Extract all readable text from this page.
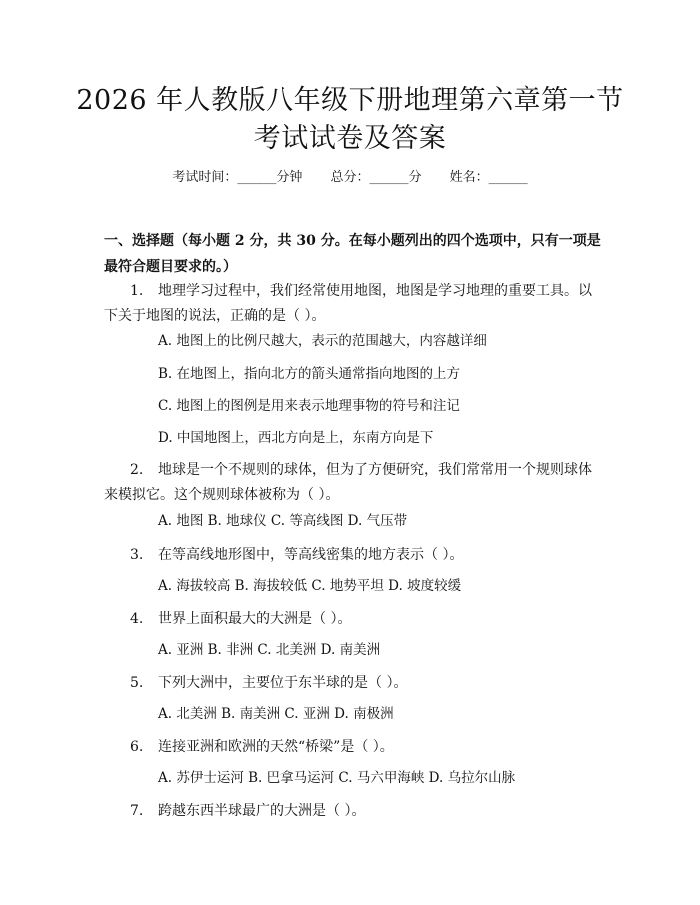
2026 年人教版八年级下册地理第六章第一节
考试试卷及答案
考试时间：______分钟 总分：______分 姓名：______
一、选择题（每小题 2 分，共 30 分。在每小题列出的四个选项中，只有一项是最符合题目要求的。）
1. 地理学习过程中，我们经常使用地图，地图是学习地理的重要工具。以下关于地图的说法，正确的是（ ）。
A. 地图上的比例尺越大，表示的范围越大，内容越详细
B. 在地图上，指向北方的箭头通常指向地图的上方
C. 地图上的图例是用来表示地理事物的符号和注记
D. 中国地图上，西北方向是上，东南方向是下
2. 地球是一个不规则的球体，但为了方便研究，我们常常用一个规则球体来模拟它。这个规则球体被称为（ ）。
A. 地图 B. 地球仪 C. 等高线图 D. 气压带
3. 在等高线地形图中，等高线密集的地方表示（ ）。
A. 海拔较高 B. 海拔较低 C. 地势平坦 D. 坡度较缓
4. 世界上面积最大的大洲是（ ）。
A. 亚洲 B. 非洲 C. 北美洲 D. 南美洲
5. 下列大洲中，主要位于东半球的是（ ）。
A. 北美洲 B. 南美洲 C. 亚洲 D. 南极洲
6. 连接亚洲和欧洲的天然“桥梁”是（ ）。
A. 苏伊士运河 B. 巴拿马运河 C. 马六甲海峡 D. 乌拉尔山脉
7. 跨越东西半球最广的大洲是（ ）。
